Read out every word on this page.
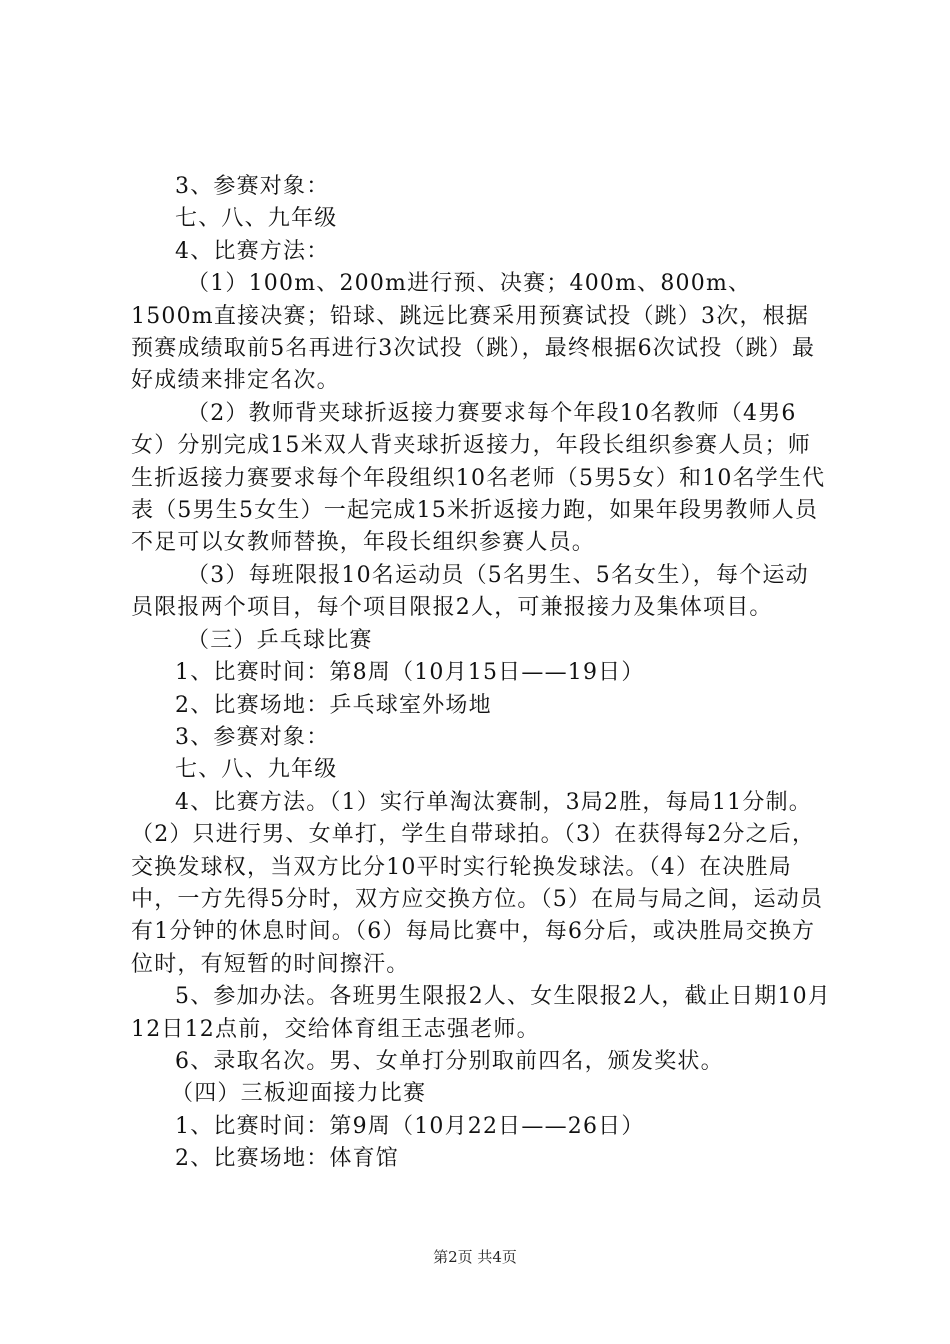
3、参赛对象：

七、八、九年级

4、比赛方法：

（1）100m、200m进行预、决赛；400m、800m、1500m直接决赛；铅球、跳远比赛采用预赛试投（跳）3次，根据预赛成绩取前5名再进行3次试投（跳），最终根据6次试投（跳）最好成绩来排定名次。

（2）教师背夹球折返接力赛要求每个年段10名教师（4男6女）分别完成15米双人背夹球折返接力，年段长组织参赛人员；师生折返接力赛要求每个年段组织10名老师（5男5女）和10名学生代表（5男生5女生）一起完成15米折返接力跑，如果年段男教师人员不足可以女教师替换，年段长组织参赛人员。

（3）每班限报10名运动员（5名男生、5名女生），每个运动员限报两个项目，每个项目限报2人，可兼报接力及集体项目。

（三）乒乓球比赛

1、比赛时间：第8周（10月15日——19日）

2、比赛场地：乒乓球室外场地

3、参赛对象：

七、八、九年级

4、比赛方法。（1）实行单淘汰赛制，3局2胜，每局11分制。（2）只进行男、女单打，学生自带球拍。（3）在获得每2分之后，交换发球权，当双方比分10平时实行轮换发球法。（4）在决胜局中，一方先得5分时，双方应交换方位。（5）在局与局之间，运动员有1分钟的休息时间。（6）每局比赛中，每6分后，或决胜局交换方位时，有短暂的时间擦汗。

5、参加办法。各班男生限报2人、女生限报2人，截止日期10月12日12点前，交给体育组王志强老师。

6、录取名次。男、女单打分别取前四名，颁发奖状。

（四）三板迎面接力比赛

1、比赛时间：第9周（10月22日——26日）

2、比赛场地：体育馆

第2页 共4页
